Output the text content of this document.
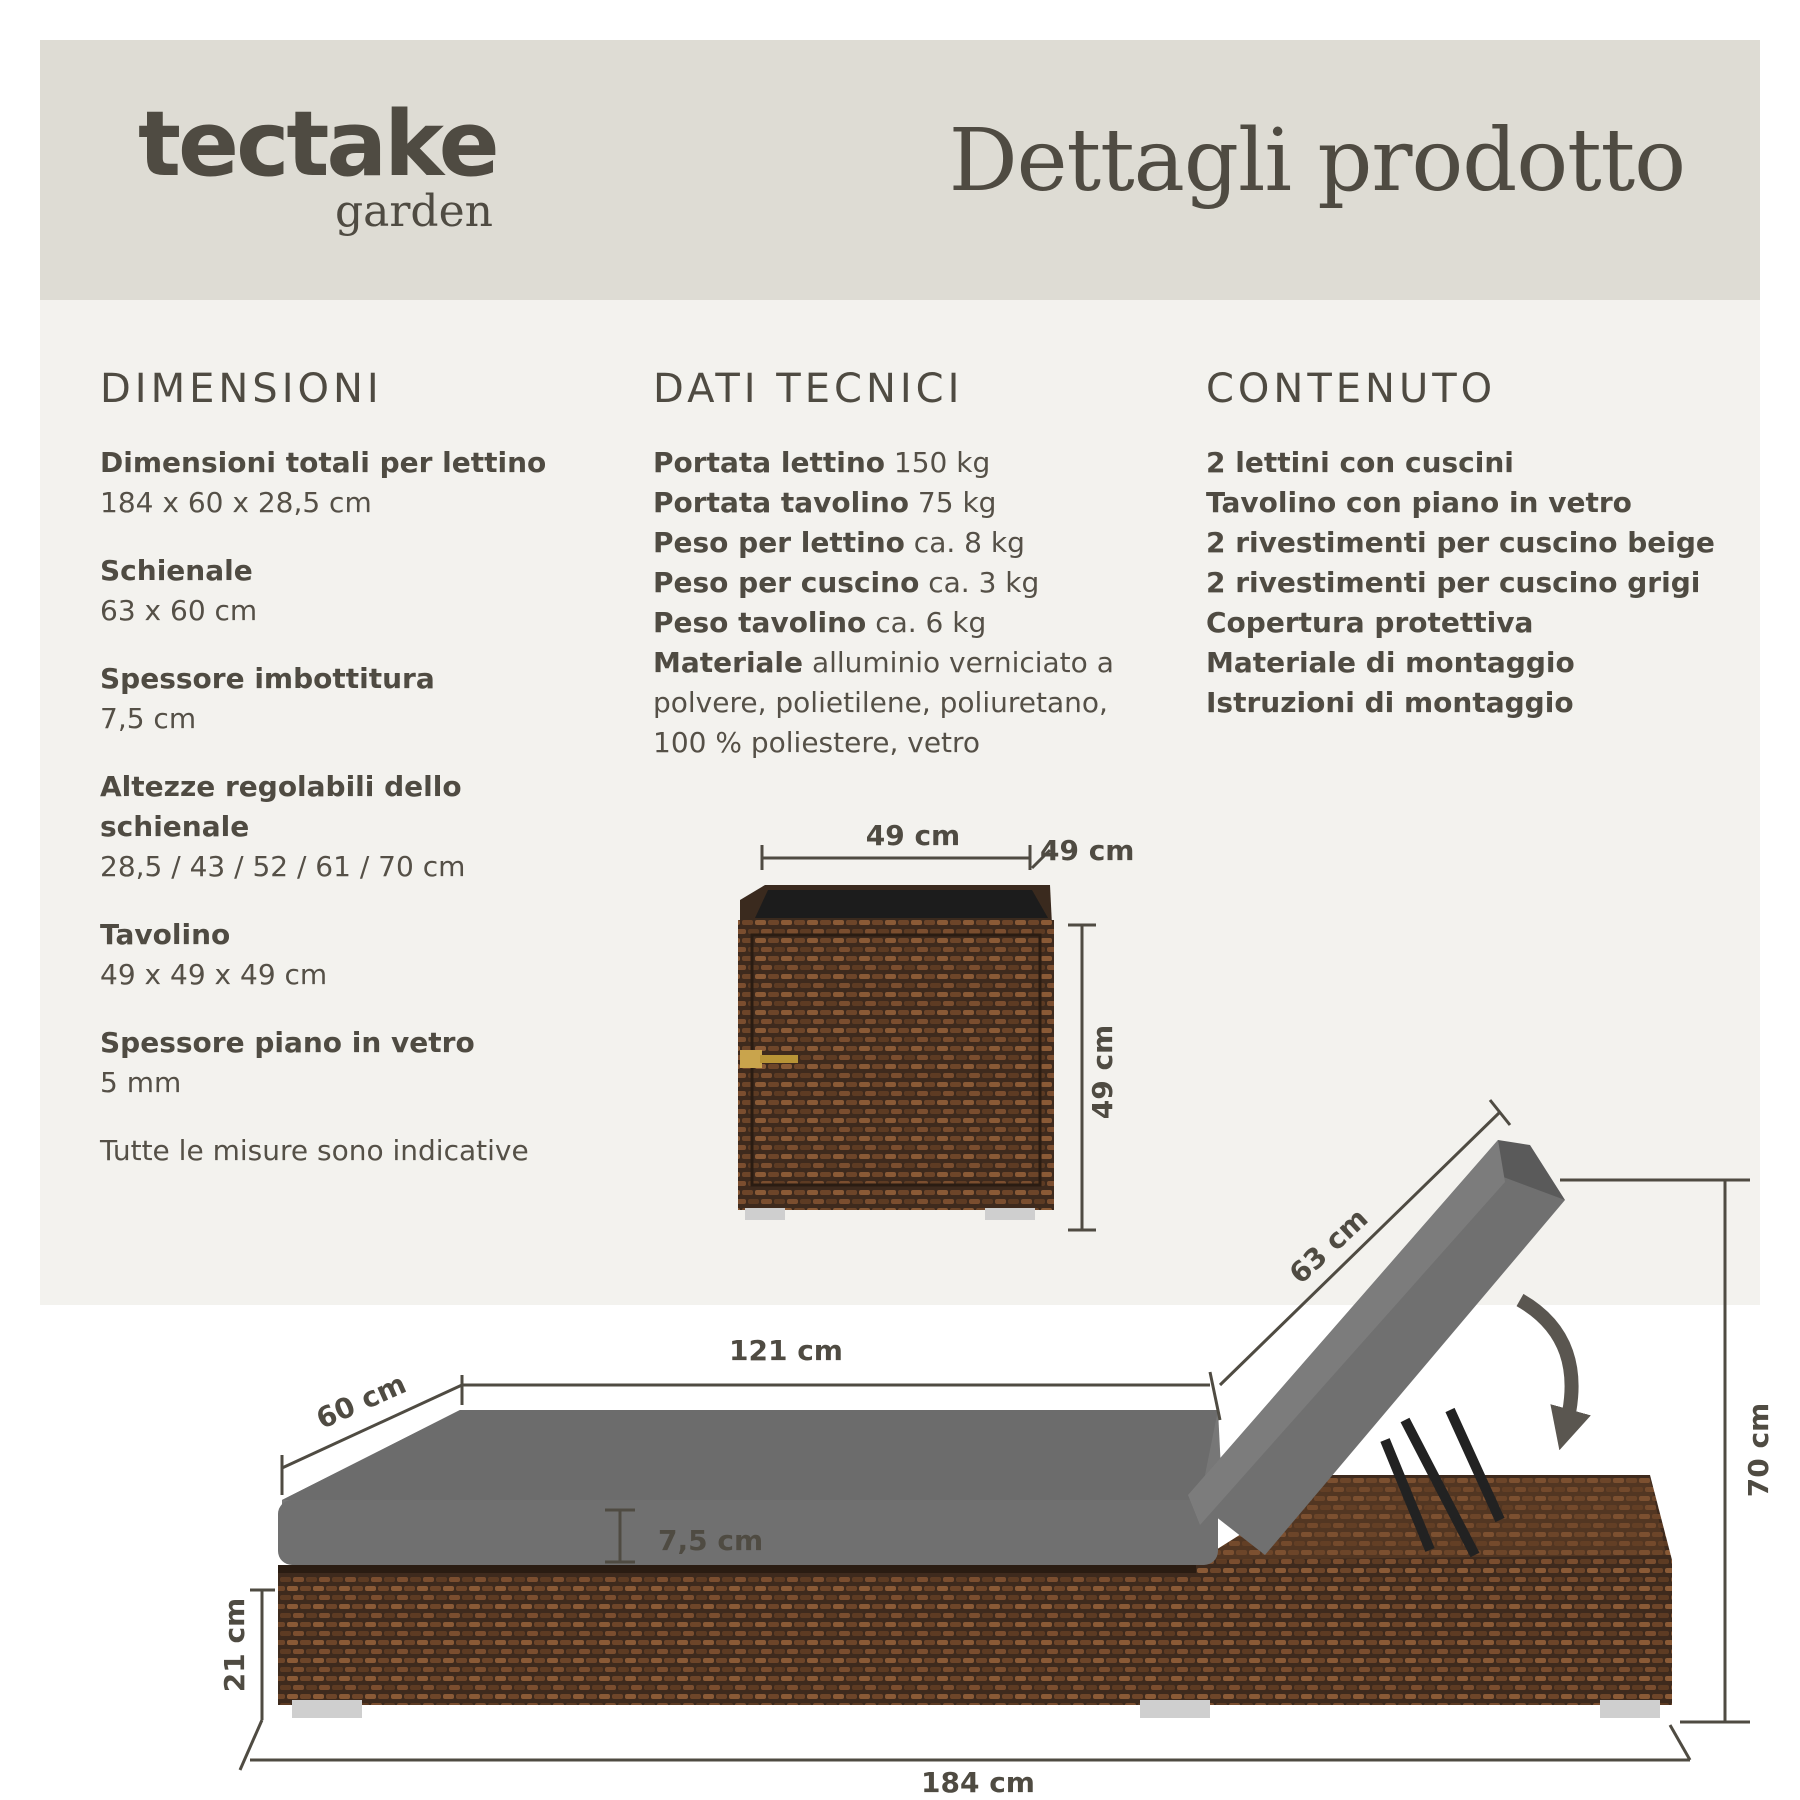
tectake
garden
Dettagli prodotto
DIMENSIONI
Dimensioni totali per lettino
184 x 60 x 28,5 cm
Schienale
63 x 60 cm
Spessore imbottitura
7,5 cm
Altezze regolabili dello schienale
28,5 / 43 / 52 / 61 / 70 cm
Tavolino
49 x 49 x 49 cm
Spessore piano in vetro
5 mm
Tutte le misure sono indicative
DATI TECNICI
Portata lettino 150 kg
Portata tavolino 75 kg
Peso per lettino ca. 8 kg
Peso per cuscino ca. 3 kg
Peso tavolino ca. 6 kg
Materiale alluminio verniciato a polvere, polietilene, poliuretano, 100 % poliestere, vetro
CONTENUTO
2 lettini con cuscini
Tavolino con piano in vetro
2 rivestimenti per cuscino beige
2 rivestimenti per cuscino grigi
Copertura protettiva
Materiale di montaggio
Istruzioni di montaggio
49 cm	49 cm
49 cm
60 cm
121 cm
63 cm
7,5 cm
21 cm
70 cm
184 cm
